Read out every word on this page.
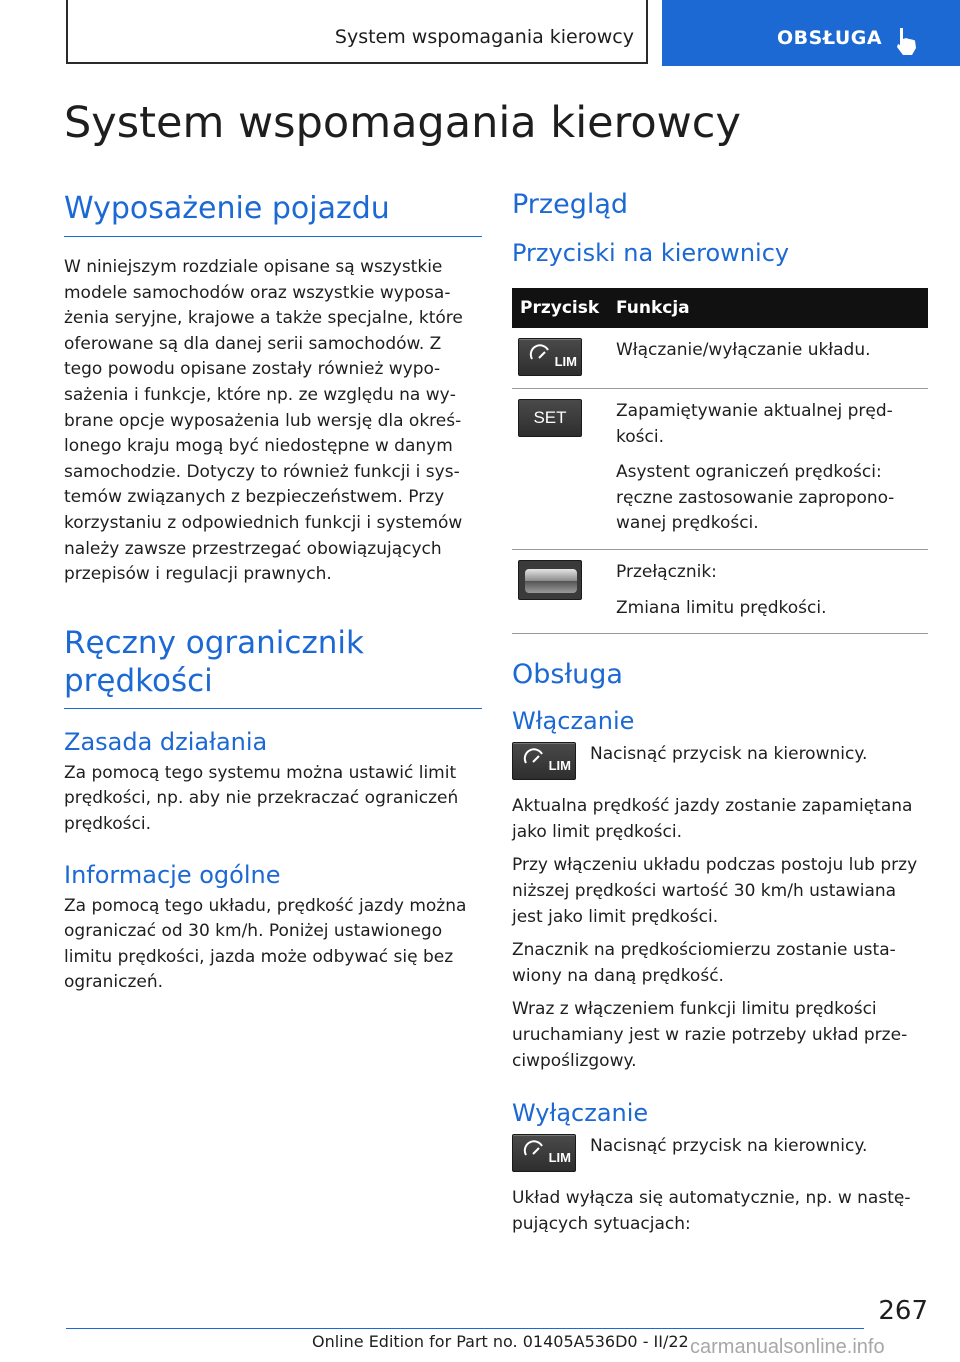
System wspomagania kierowcy	OBSŁUGA
System wspomagania kierowcy
Wyposażenie pojazdu

W niniejszym rozdziale opisane są wszystkie modele samochodów oraz wszystkie wyposażenia seryjne, krajowe a także specjalne, które oferowane są dla danej serii samochodów. Z tego powodu opisane zostały również wyposażenia i funkcje, które np. ze względu na wybrane opcje wyposażenia lub wersję dla określonego kraju mogą być niedostępne w danym samochodzie. Dotyczy to również funkcji i systemów związanych z bezpieczeństwem. Przy korzystaniu z odpowiednich funkcji i systemów należy zawsze przestrzegać obowiązujących przepisów i regulacji prawnych.

Ręczny ogranicznik prędkości
Zasada działania

Za pomocą tego systemu można ustawić limit prędkości, np. aby nie przekraczać ograniczeń prędkości.

Informacje ogólne

Za pomocą tego układu, prędkość jazdy można ograniczać od 30 km/h. Poniżej ustawionego limitu prędkości, jazda może odbywać się bez ograniczeń.

Przegląd
Przyciski na kierownicy
Przycisk	Funkcja

LIM	Włączanie/wyłączanie układu.

SET	Zapamiętywanie aktualnej prędkości.

Asystent ograniczeń prędkości: ręczne zastosowanie zaproponowanej prędkości.

	Przełącznik:

Zmiana limitu prędkości.

Obsługa
Włączanie
LIM

Nacisnąć przycisk na kierownicy.

Aktualna prędkość jazdy zostanie zapamiętana jako limit prędkości.

Przy włączeniu układu podczas postoju lub przy niższej prędkości wartość 30 km/h ustawiana jest jako limit prędkości.

Znacznik na prędkościomierzu zostanie ustawiony na daną prędkość.

Wraz z włączeniem funkcji limitu prędkości uruchamiany jest w razie potrzeby układ przeciwpoślizgowy.

Wyłączanie
LIM

Nacisnąć przycisk na kierownicy.

Układ wyłącza się automatycznie, np. w następujących sytuacjach:

267
Online Edition for Part no. 01405A536D0 - II/22 carmanualsonline.info
